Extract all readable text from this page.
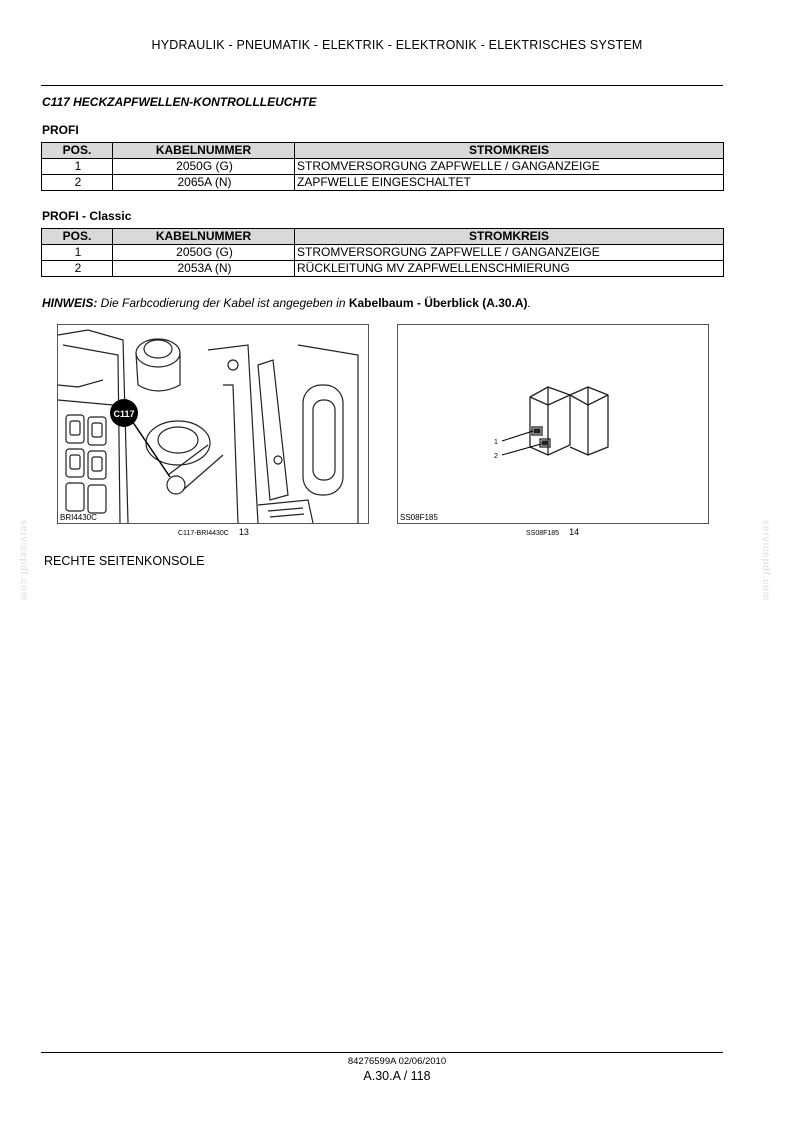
HYDRAULIK - PNEUMATIK - ELEKTRIK - ELEKTRONIK - ELEKTRISCHES SYSTEM
C117 HECKZAPFWELLEN-KONTROLLLEUCHTE
PROFI
POS.	KABELNUMMER	STROMKREIS
1	2050G (G)	STROMVERSORGUNG ZAPFWELLE / GANGANZEIGE
2	2065A (N)	ZAPFWELLE EINGESCHALTET
PROFI - Classic
POS.	KABELNUMMER	STROMKREIS
1	2050G (G)	STROMVERSORGUNG ZAPFWELLE / GANGANZEIGE
2	2053A (N)	RÜCKLEITUNG MV ZAPFWELLENSCHMIERUNG
HINWEIS: Die Farbcodierung der Kabel ist angegeben in Kabelbaum - Überblick (A.30.A).
C117
BRI4430C
C117-BRI4430C 13
1
2
SS08F185
SS08F185 14
RECHTE SEITENKONSOLE
servicepdf.com	servicepdf.com
84276599A 02/06/2010
A.30.A / 118
